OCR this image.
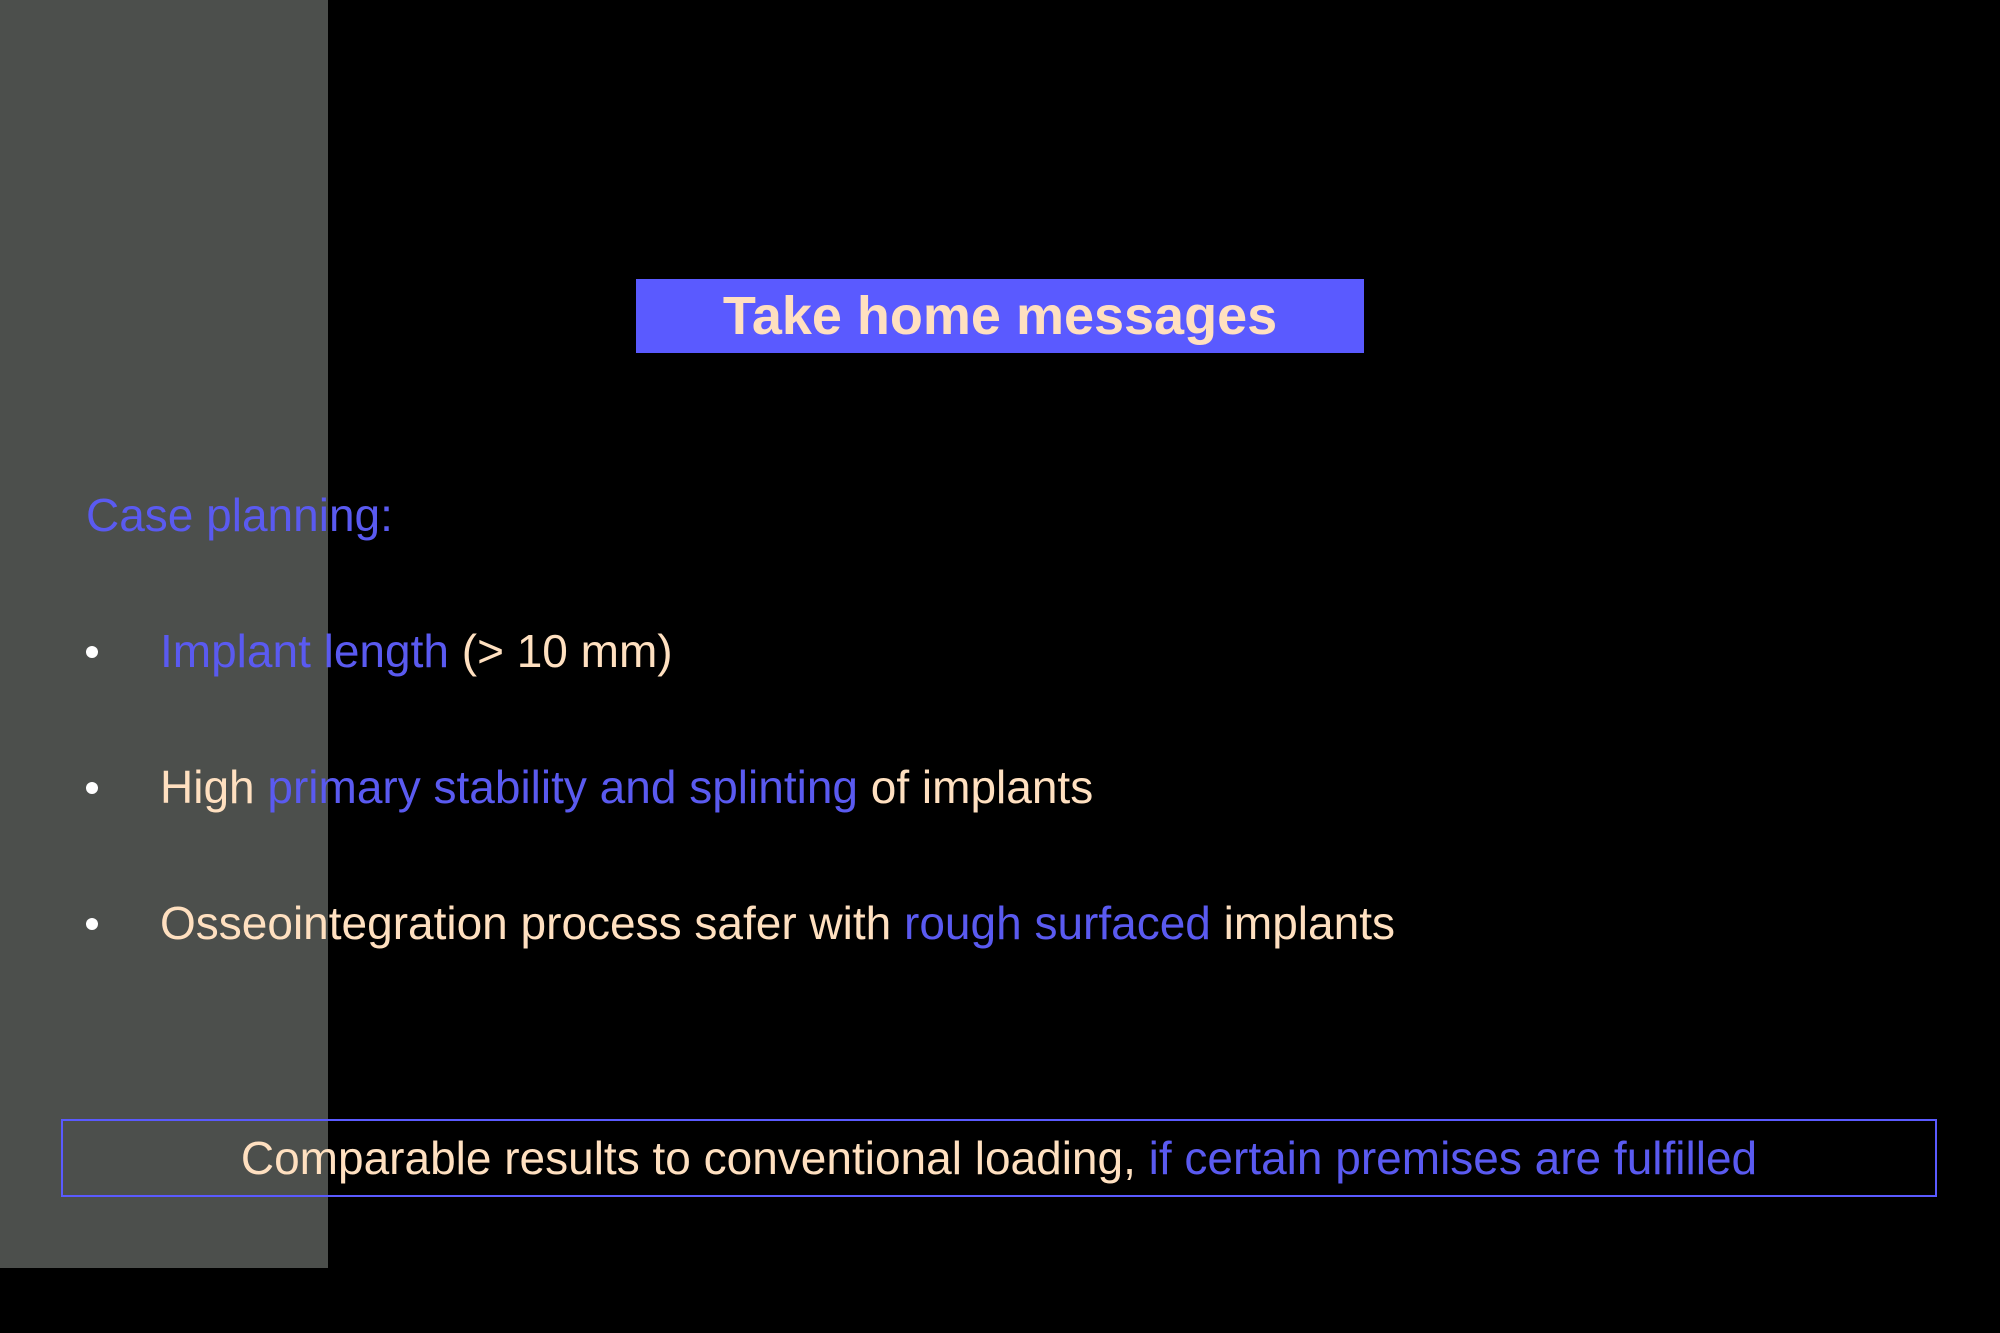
Take home messages
Case planning:
Implant length (> 10 mm)
High primary stability and splinting of implants
Osseointegration process safer with rough surfaced implants
Comparable results to conventional loading, if certain premises are fulfilled
